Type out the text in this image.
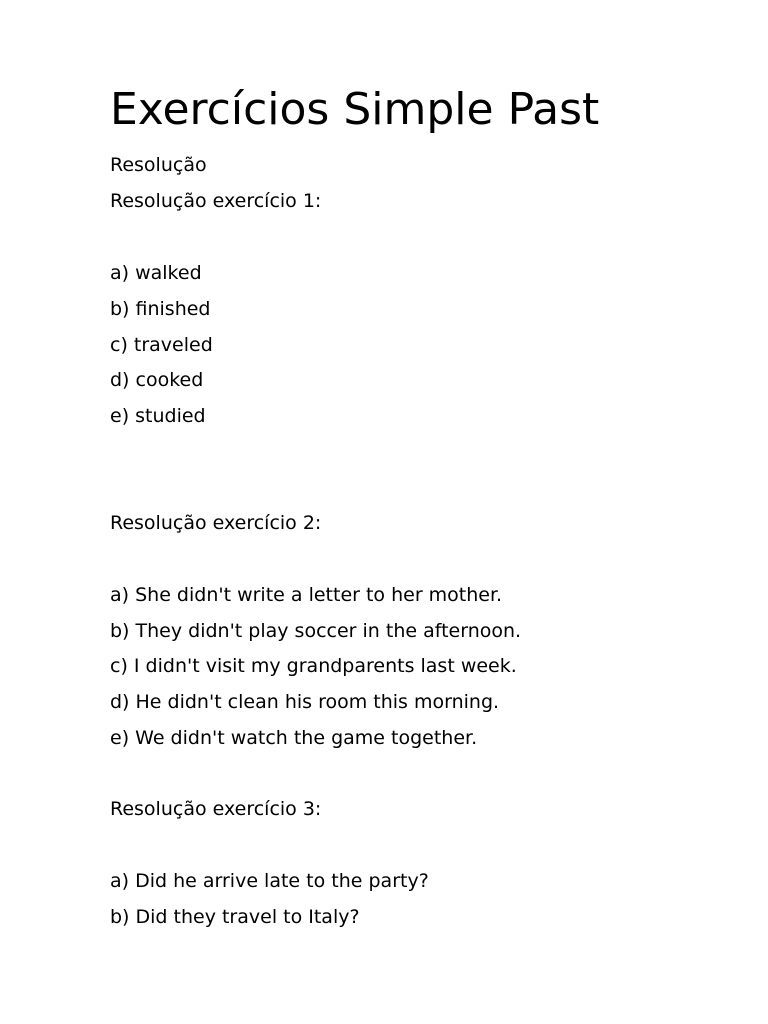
Exercícios Simple Past

Resolução

Resolução exercício 1:

a) walked

b) finished

c) traveled

d) cooked

e) studied

Resolução exercício 2:

a) She didn't write a letter to her mother.

b) They didn't play soccer in the afternoon.

c) I didn't visit my grandparents last week.

d) He didn't clean his room this morning.

e) We didn't watch the game together.

Resolução exercício 3:

a) Did he arrive late to the party?

b) Did they travel to Italy?
